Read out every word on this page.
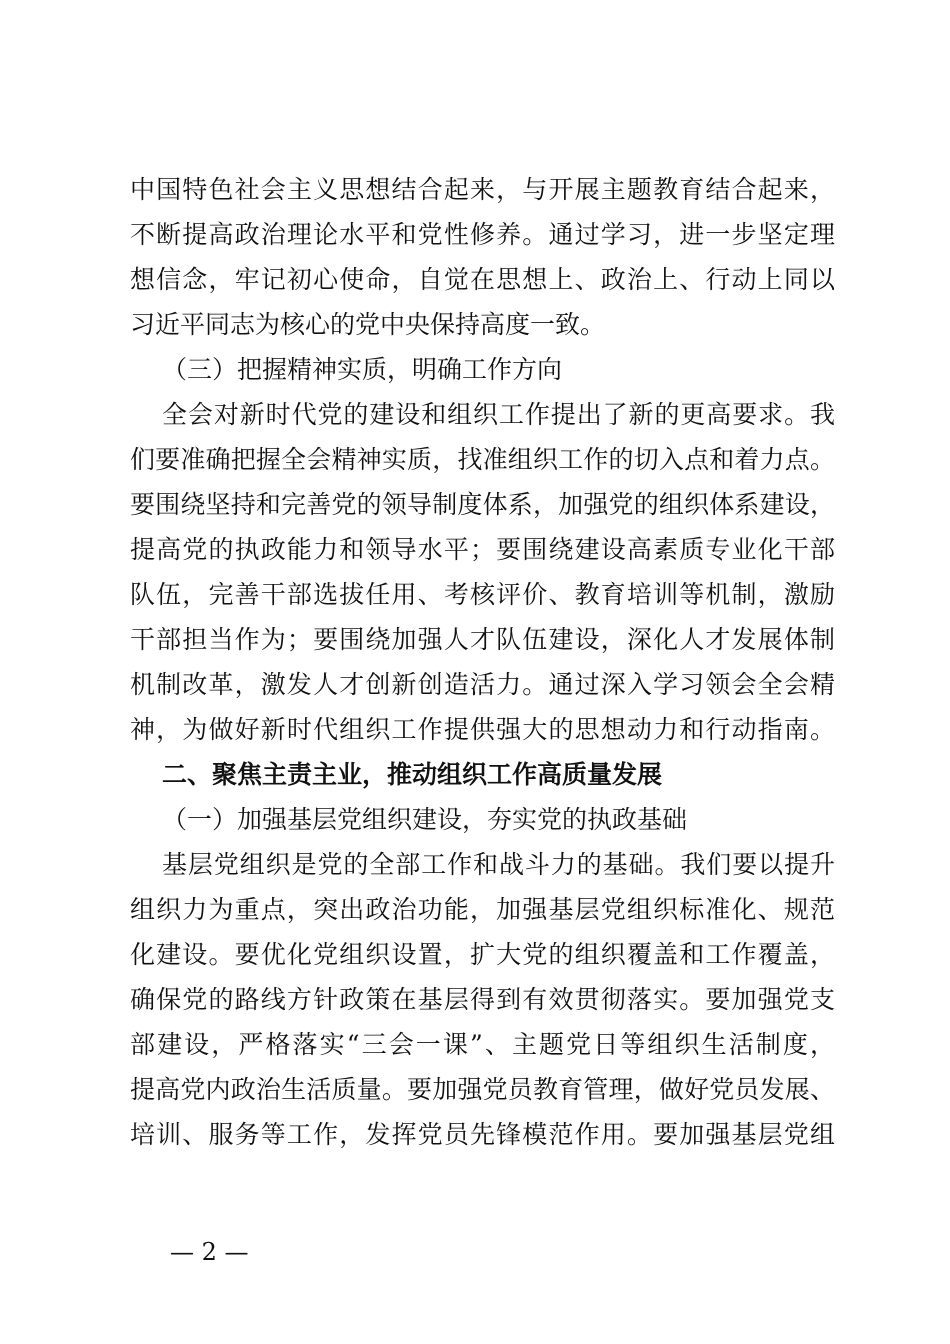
中国特色社会主义思想结合起来，与开展主题教育结合起来，
不断提高政治理论水平和党性修养。通过学习，进一步坚定理
想信念，牢记初心使命，自觉在思想上、政治上、行动上同以
习近平同志为核心的党中央保持高度一致。
（三）把握精神实质，明确工作方向
全会对新时代党的建设和组织工作提出了新的更高要求。我
们要准确把握全会精神实质，找准组织工作的切入点和着力点。
要围绕坚持和完善党的领导制度体系，加强党的组织体系建设，
提高党的执政能力和领导水平；要围绕建设高素质专业化干部
队伍，完善干部选拔任用、考核评价、教育培训等机制，激励
干部担当作为；要围绕加强人才队伍建设，深化人才发展体制
机制改革，激发人才创新创造活力。通过深入学习领会全会精
神，为做好新时代组织工作提供强大的思想动力和行动指南。
二、聚焦主责主业，推动组织工作高质量发展
（一）加强基层党组织建设，夯实党的执政基础
基层党组织是党的全部工作和战斗力的基础。我们要以提升
组织力为重点，突出政治功能，加强基层党组织标准化、规范
化建设。要优化党组织设置，扩大党的组织覆盖和工作覆盖，
确保党的路线方针政策在基层得到有效贯彻落实。要加强党支
部建设，严格落实“三会一课”、主题党日等组织生活制度，
提高党内政治生活质量。要加强党员教育管理，做好党员发展、
培训、服务等工作，发挥党员先锋模范作用。要加强基层党组
— 2 —
